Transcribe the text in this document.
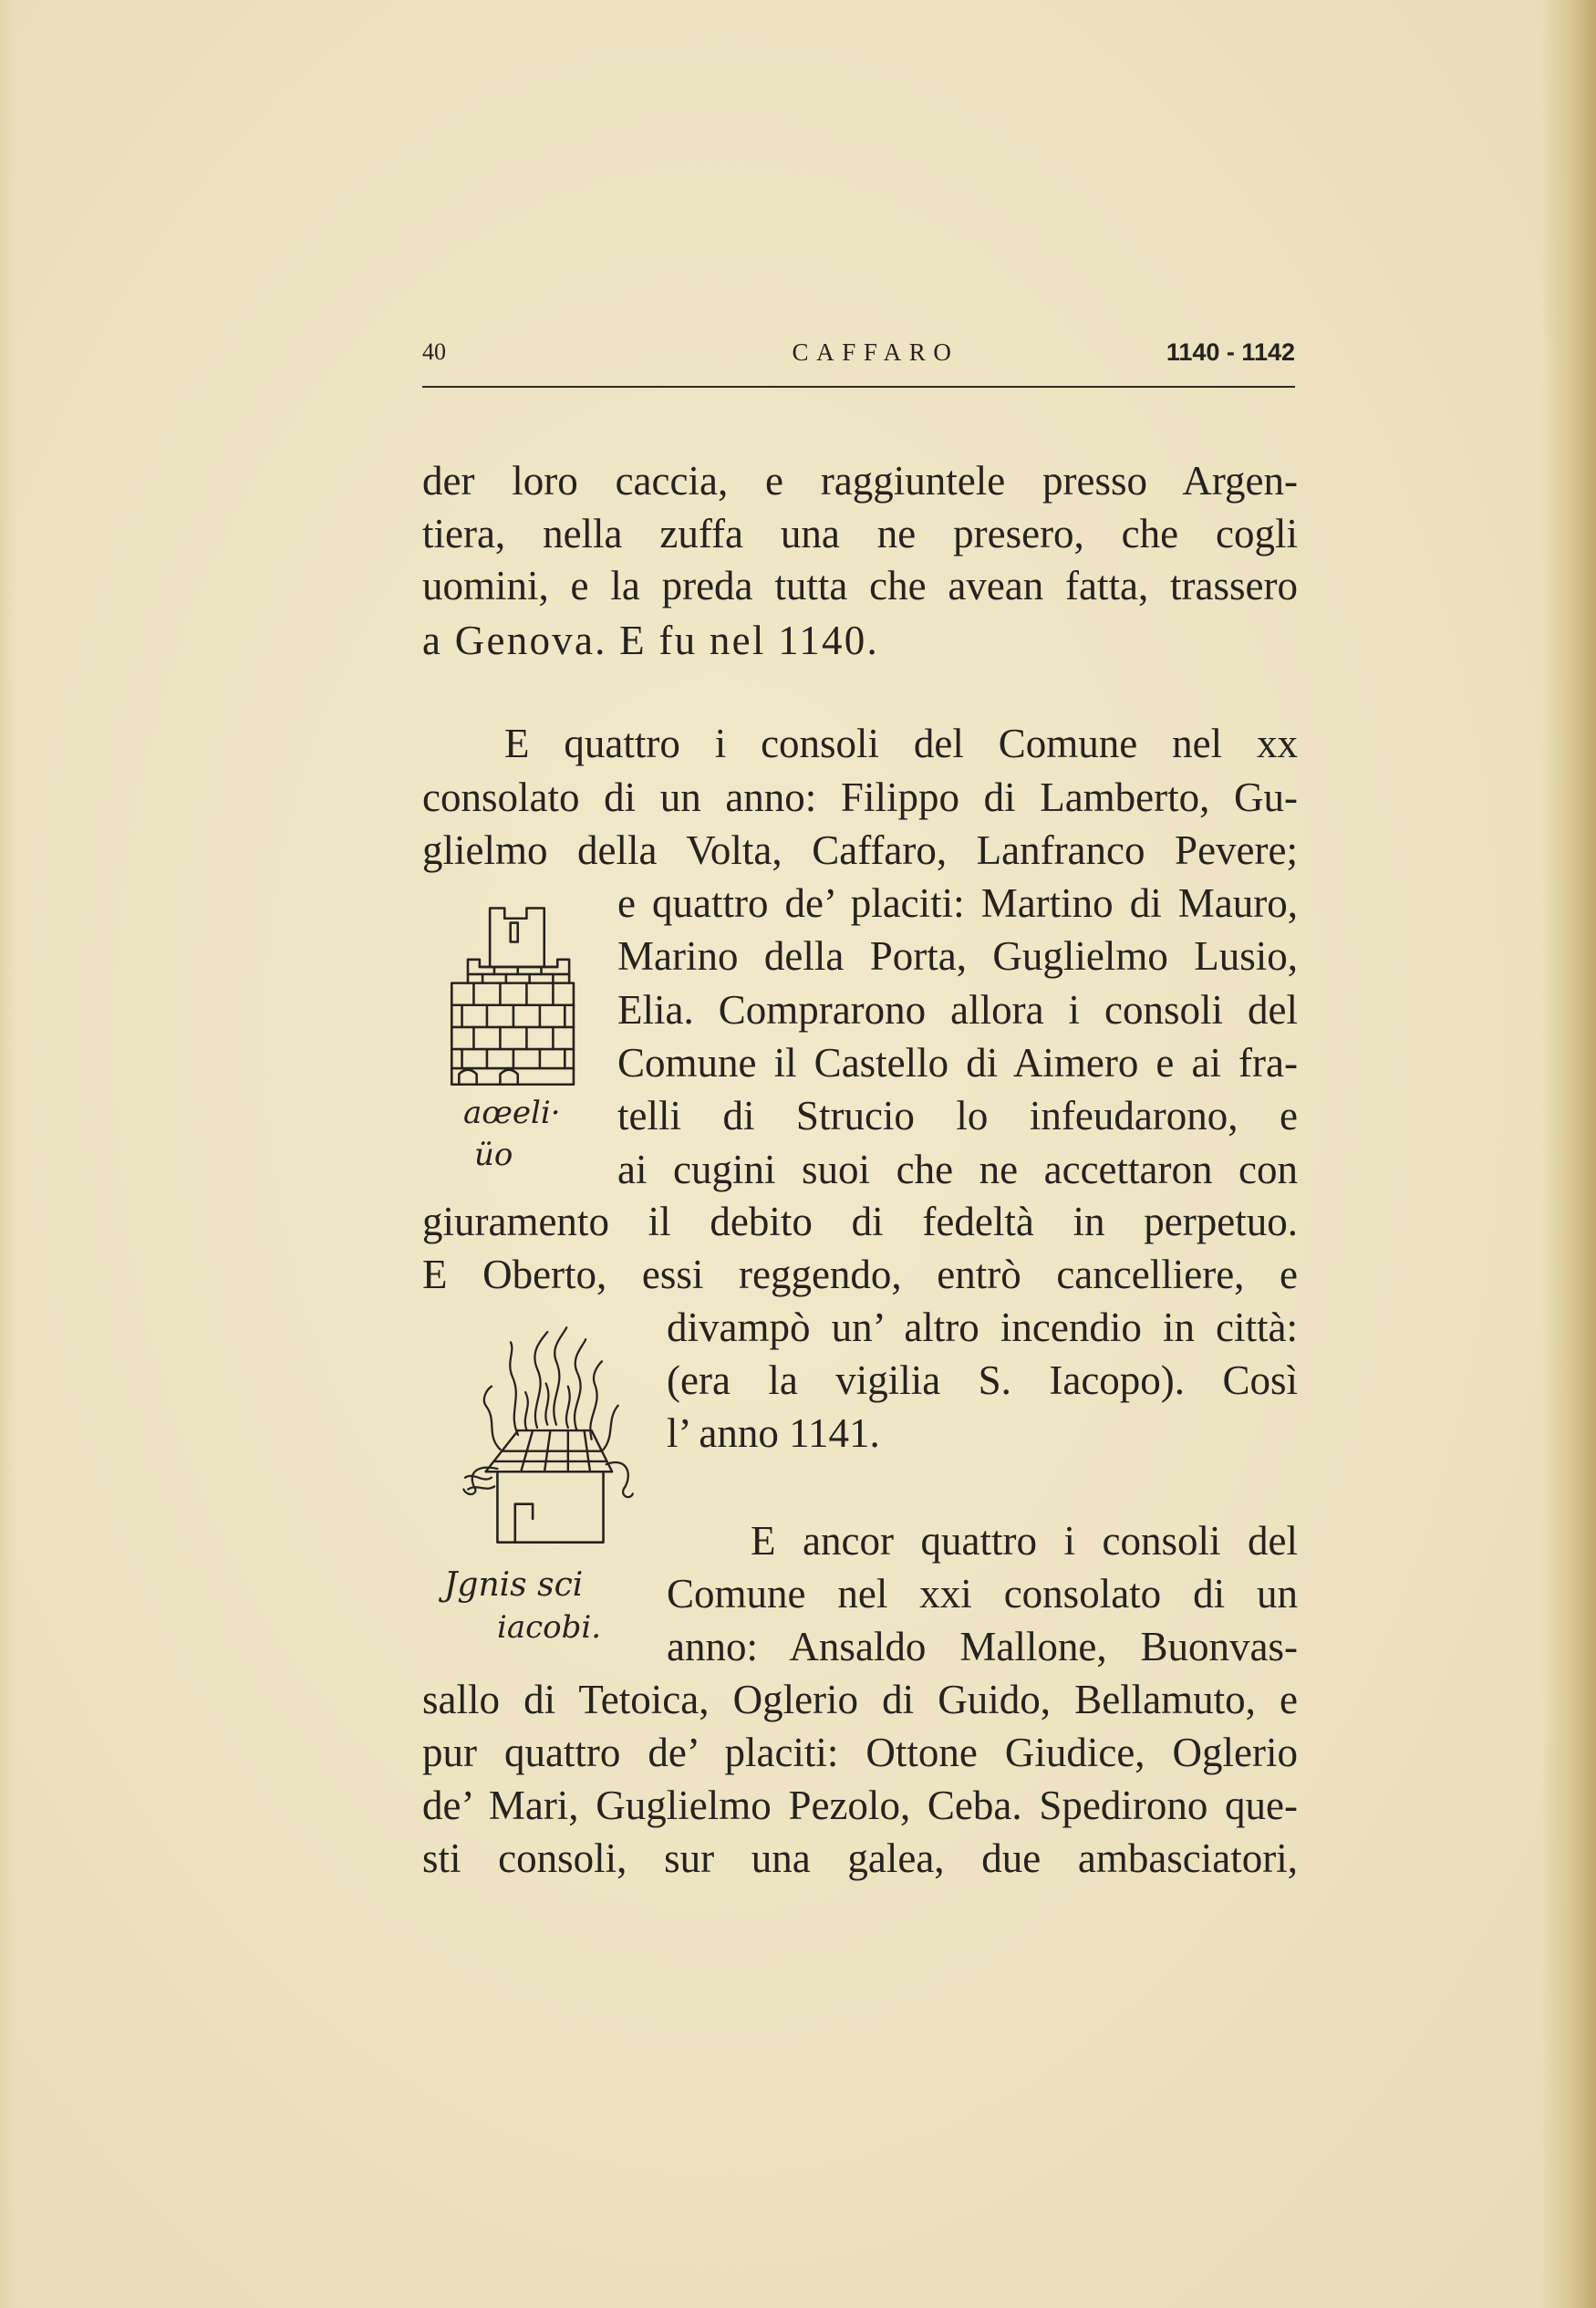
40	CAFFARO	1140 - 1142
der loro caccia, e raggiuntele presso Argen-
tiera, nella zuffa una ne presero, che cogli
uomini, e la preda tutta che avean fatta, trassero
a Genova. E fu nel 1140.
E quattro i consoli del Comune nel xx
consolato di un anno: Filippo di Lamberto, Gu-
glielmo della Volta, Caffaro, Lanfranco Pevere;
e quattro de’ placiti: Martino di Mauro,
Marino della Porta, Guglielmo Lusio,
Elia. Comprarono allora i consoli del
Comune il Castello di Aimero e ai fra-
telli di Strucio lo infeudarono, e
ai cugini suoi che ne accettaron con
giuramento il debito di fedeltà in perpetuo.
E Oberto, essi reggendo, entrò cancelliere, e
divampò un’ altro incendio in città:
(era la vigilia S. Iacopo). Così
l’ anno 1141.
E ancor quattro i consoli del
Comune nel xxi consolato di un
anno: Ansaldo Mallone, Buonvas-
sallo di Tetoica, Oglerio di Guido, Bellamuto, e
pur quattro de’ placiti: Ottone Giudice, Oglerio
de’ Mari, Guglielmo Pezolo, Ceba. Spedirono que-
sti consoli, sur una galea, due ambasciatori,
aœeli·
üo
Jgnis sci
iacobi.
